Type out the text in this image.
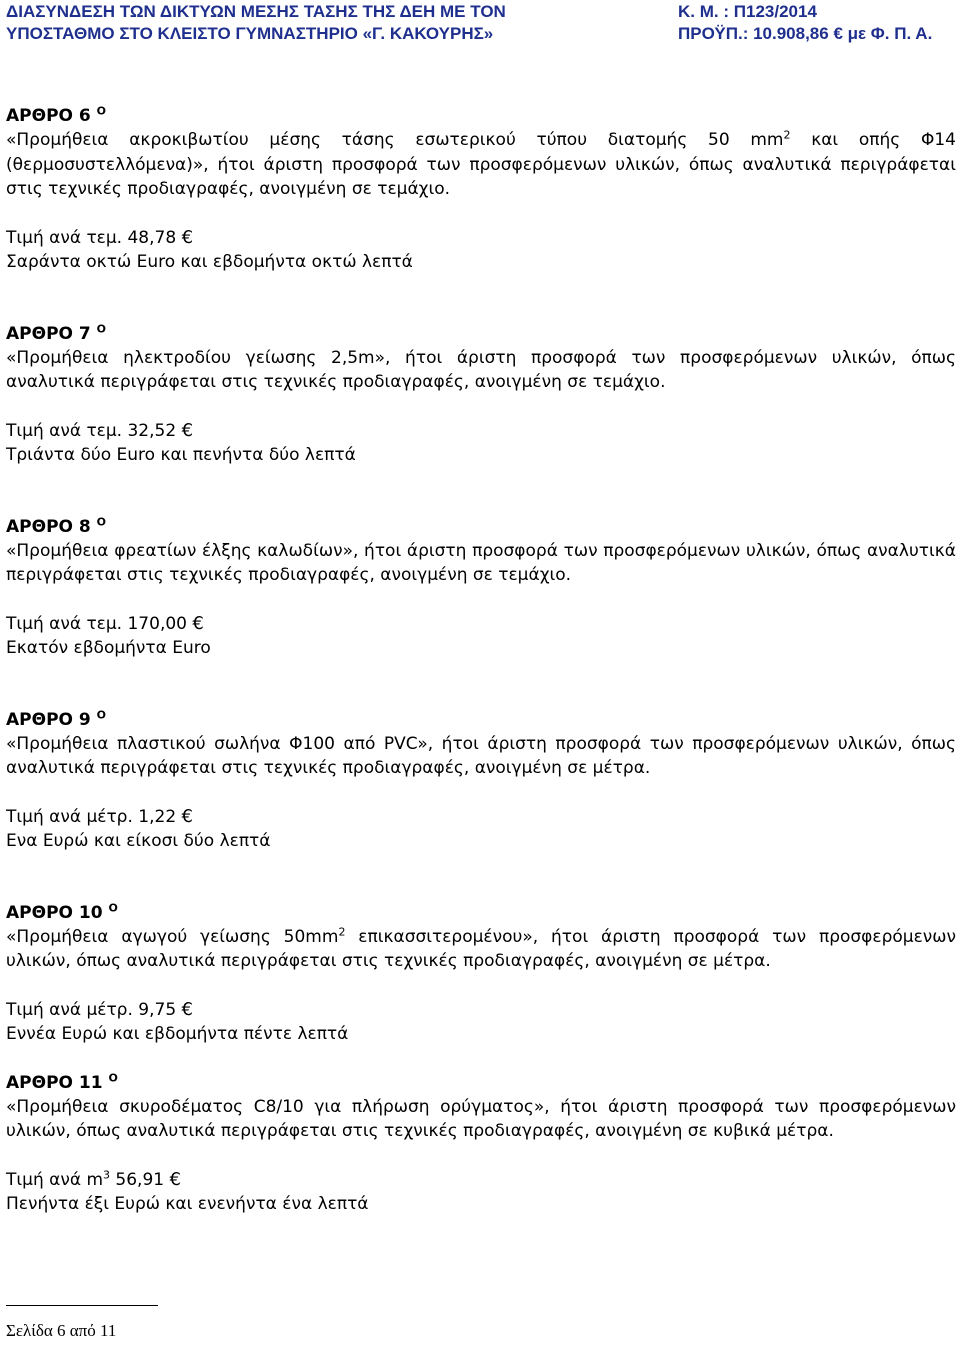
ΔΙΑΣΥΝΔΕΣΗ ΤΩΝ ΔΙΚΤΥΩΝ ΜΕΣΗΣ ΤΑΣΗΣ ΤΗΣ ΔΕΗ ΜΕ ΤΟΝ
ΥΠΟΣΤΑΘΜΟ ΣΤΟ ΚΛΕΙΣΤΟ ΓΥΜΝΑΣΤΗΡΙΟ «Γ. ΚΑΚΟΥΡΗΣ»
Κ. Μ. : Π123/2014
ΠΡΟΫΠ.: 10.908,86 € με Φ. Π. Α.
ΑΡΘΡΟ 6 $^O$
«Προμήθεια ακροκιβωτίου μέσης τάσης εσωτερικού τύπου διατομής 50 $mm^2$ και οπής Φ14 (θερμοσυστελλόμενα)», ήτοι άριστη προσφορά των προσφερόμενων υλικών, όπως αναλυτικά περιγράφεται στις τεχνικές προδιαγραφές, ανοιγμένη σε τεμάχιο.
Τιμή ανά τεμ. 48,78 €
Σαράντα οκτώ Euro και εβδομήντα οκτώ λεπτά
ΑΡΘΡΟ 7 $^O$
«Προμήθεια ηλεκτροδίου γείωσης 2,5m», ήτοι άριστη προσφορά των προσφερόμενων υλικών, όπως αναλυτικά περιγράφεται στις τεχνικές προδιαγραφές, ανοιγμένη σε τεμάχιο.
Τιμή ανά τεμ. 32,52 €
Τριάντα δύο Euro και πενήντα δύο λεπτά
ΑΡΘΡΟ 8 $^O$
«Προμήθεια φρεατίων έλξης καλωδίων», ήτοι άριστη προσφορά των προσφερόμενων υλικών, όπως αναλυτικά περιγράφεται στις τεχνικές προδιαγραφές, ανοιγμένη σε τεμάχιο.
Τιμή ανά τεμ. 170,00 €
Εκατόν εβδομήντα Euro
ΑΡΘΡΟ 9 $^O$
«Προμήθεια πλαστικού σωλήνα Φ100 από PVC», ήτοι άριστη προσφορά των προσφερόμενων υλικών, όπως αναλυτικά περιγράφεται στις τεχνικές προδιαγραφές, ανοιγμένη σε μέτρα.
Τιμή ανά μέτρ. 1,22 €
Ενα Ευρώ και είκοσι δύο λεπτά
ΑΡΘΡΟ 10 $^O$
«Προμήθεια αγωγού γείωσης $50mm^2$ επικασσιτερομένου», ήτοι άριστη προσφορά των προσφερόμενων υλικών, όπως αναλυτικά περιγράφεται στις τεχνικές προδιαγραφές, ανοιγμένη σε μέτρα.
Τιμή ανά μέτρ. 9,75 €
Εννέα Ευρώ και εβδομήντα πέντε λεπτά
ΑΡΘΡΟ 11 $^O$
«Προμήθεια σκυροδέματος C8/10 για πλήρωση ορύγματος», ήτοι άριστη προσφορά των προσφερόμενων υλικών, όπως αναλυτικά περιγράφεται στις τεχνικές προδιαγραφές, ανοιγμένη σε κυβικά μέτρα.
Τιμή ανά $m^3$ 56,91 €
Πενήντα έξι Ευρώ και ενενήντα ένα λεπτά
Σελίδα 6 από 11
